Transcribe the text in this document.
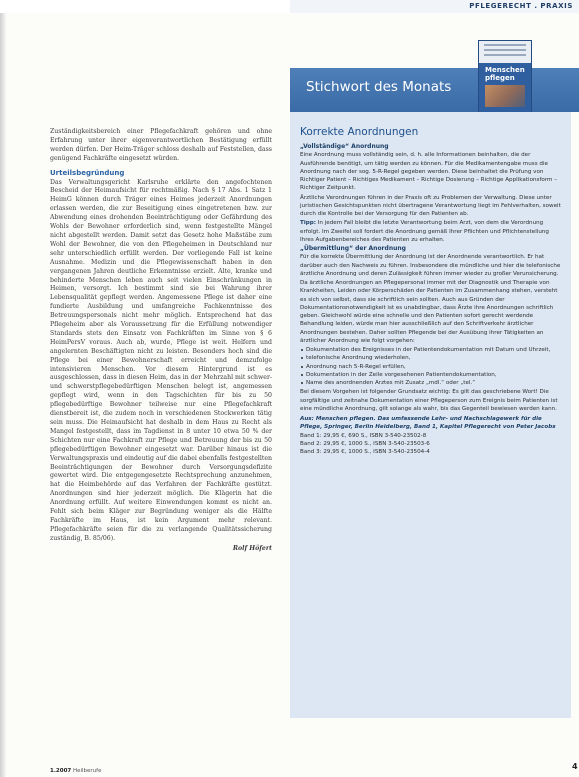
PFLEGERECHT . PRAXIS

Zuständigkeitsbereich einer Pflegefachkraft gehören und ohne Erfahrung unter ihrer eigenverantwortlichen Bestätigung erfüllt werden dürfen. Der Heim-Träger schloss deshalb auf Feststellen, dass genügend Fachkräfte eingesetzt würden.

Urteilsbegründung

Das Verwaltungsgericht Karlsruhe erklärte den angefochtenen Bescheid der Heimaufsicht für rechtmäßig. Nach § 17 Abs. 1 Satz 1 HeimG können durch Träger eines Heimes jederzeit Anordnungen erlassen werden, die zur Beseitigung eines eingetretenen bzw. zur Abwendung eines drohenden Beeinträchtigung oder Gefährdung des Wohls der Bewohner erforderlich sind, wenn festgestellte Mängel nicht abgestellt werden. Damit setzt das Gesetz hohe Maßstäbe zum Wohl der Bewohner, die von den Pflegeheimen in Deutschland nur sehr unterschiedlich erfüllt werden. Der vorliegende Fall ist keine Ausnahme. Medizin und die Pflegewissenschaft haben in den vergangenen Jahren deutliche Erkenntnisse erzielt. Alte, kranke und behinderte Menschen leben auch seit vielen Einschränkungen in Heimen, versorgt. Ich bestimmt sind sie bei Wahrung ihrer Lebensqualität gepflegt werden. Angemessene Pflege ist daher eine fundierte Ausbildung und umfangreiche Fachkenntnisse des Betreuungspersonals nicht mehr möglich. Entsprechend hat das Pflegeheim aber als Voraussetzung für die Erfüllung notwendiger Standards stets den Einsatz von Fachkräften im Sinne von § 6 HeimPersV voraus. Auch ab, wurde, Pflege ist weit. Helfern und angelernten Beschäftigten nicht zu leisten. Besonders hoch sind die Pflege bei einer Bewohnerschaft erreicht und demzufolge intensivieren Menschen. Vor diesem Hintergrund ist es ausgeschlossen, dass in diesen Heim, das in der Mehrzahl mit schwer- und schwerstpflegebedürftigen Menschen belegt ist, angemessen gepflegt wird, wenn in den Tagschichten für bis zu 50 pflegebedürftige Bewohner teilweise nur eine Pflegefachkraft dienstbereit ist, die zudem noch in verschiedenen Stockwerken tätig sein muss. Die Heimaufsicht hat deshalb in dem Haus zu Recht als Mangel festgestellt, dass im Tagdienst in 8 unter 10 etwa 50 % der Schichten nur eine Fachkraft zur Pflege und Betreuung der bis zu 50 pflegebedürftigen Bewohner eingesetzt war. Darüber hinaus ist die Verwaltungspraxis und eindeutig auf die dabei ebenfalls festgestellten Beeinträchtigungen der Bewohner durch Versorgungsdefizite gewertet wird. Die entgegengesetzte Rechtsprechung anzunehmen, hat die Heimbehörde auf das Verfahren der Fachkräfte gestützt. Anordnungen sind hier jederzeit möglich. Die Klägerin hat die Anordnung erfüllt. Auf weitere Einwendungen kommt es nicht an. Fehlt sich beim Kläger zur Begründung weniger als die Hälfte Fachkräfte im Haus, ist kein Argument mehr relevant. Pflegefachkräfte seien für die zu verlangende Qualitätssicherung zuständig, B. 85/06).

Rolf Höfert
Stichwort des Monats
Menschen
pflegen
Korrekte Anordnungen
„Vollständige“ Anordnung

Eine Anordnung muss vollständig sein, d. h. alle Informationen beinhalten, die der Ausführende benötigt, um tätig werden zu können. Für die Medikamentengabe muss die Anordnung nach der sog. 5-R-Regel gegeben werden. Diese beinhaltet die Prüfung von Richtiger Patient – Richtiges Medikament – Richtige Dosierung – Richtige Applikationsform – Richtiger Zeitpunkt.

Ärztliche Verordnungen führen in der Praxis oft zu Problemen der Verwaltung. Diese unter juristischen Gesichtspunkten nicht übertragene Verantwortung liegt im Fehlverhalten, soweit durch die Kontrolle bei der Versorgung für den Patienten ab.

Tipp: In jedem Fall bleibt die letzte Verantwortung beim Arzt, von dem die Verordnung erfolgt. Im Zweifel soll fordert die Anordnung gemäß Ihrer Pflichten und Pflichtenstellung Ihres Aufgabenbereiches des Patienten zu erhalten.

„Übermittlung“ der Anordnung

Für die korrekte Übermittlung der Anordnung ist der Anordnende verantwortlich. Er hat darüber auch den Nachweis zu führen. Insbesondere die mündliche und hier die telefonische ärztliche Anordnung und deren Zulässigkeit führen immer wieder zu großer Verunsicherung.

Da ärztliche Anordnungen an Pflegepersonal immer mit der Diagnostik und Therapie von Krankheiten, Leiden oder Körperschäden der Patienten im Zusammenhang stehen, versteht es sich von selbst, dass sie schriftlich sein sollten. Auch aus Gründen der Dokumentationsnotwendigkeit ist es unabdingbar, dass Ärzte ihre Anordnungen schriftlich geben. Gleichwohl würde eine schnelle und den Patienten sofort gerecht werdende Behandlung leiden, würde man hier ausschließlich auf den Schriftverkehr ärztlicher Anordnungen bestehen. Daher sollten Pflegende bei der Ausübung ihrer Tätigkeiten an ärztlicher Anordnung wie folgt vorgehen:

Dokumentation des Ereignisses in der Patientendokumentation mit Datum und Uhrzeit,
telefonische Anordnung wiederholen,
Anordnung nach 5-R-Regel erfüllen,
Dokumentation in der Zeile vorgesehenen Patientendokumentation,
Name des anordnenden Arztes mit Zusatz „mdl.“ oder „tel.“

Bei diesem Vorgehen ist folgender Grundsatz wichtig: Es gilt das geschriebene Wort! Die sorgfältige und zeitnahe Dokumentation einer Pflegeperson zum Ereignis beim Patienten ist eine mündliche Anordnung, gilt solange als wahr, bis das Gegenteil bewiesen werden kann.

Aus: Menschen pflegen. Das umfassende Lehr- und Nachschlagewerk für die Pflege, Springer, Berlin Heidelberg, Band 1, Kapitel Pflegerecht von Peter Jacobs
Band 1: 29,95 €, 690 S., ISBN 3-540-23502-8
Band 2: 29,95 €, 1000 S., ISBN 3-540-23503-6
Band 3: 29,95 €, 1000 S., ISBN 3-540-23504-4
1.2007 Heilberufe	4
